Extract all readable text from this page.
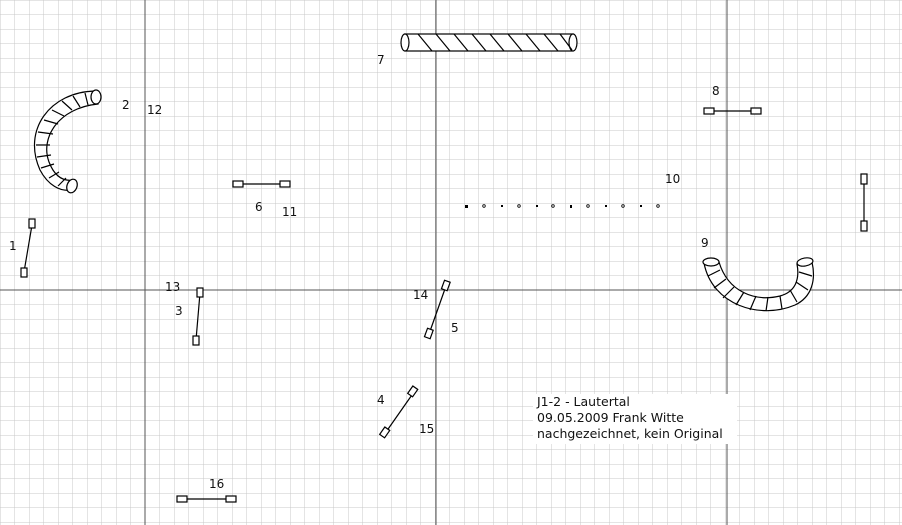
1
2 12
13
3
6 11
7
8
10
9
14
5
4
15
16
J1-2 - Lautertal
09.05.2009 Frank Witte
nachgezeichnet, kein Original
